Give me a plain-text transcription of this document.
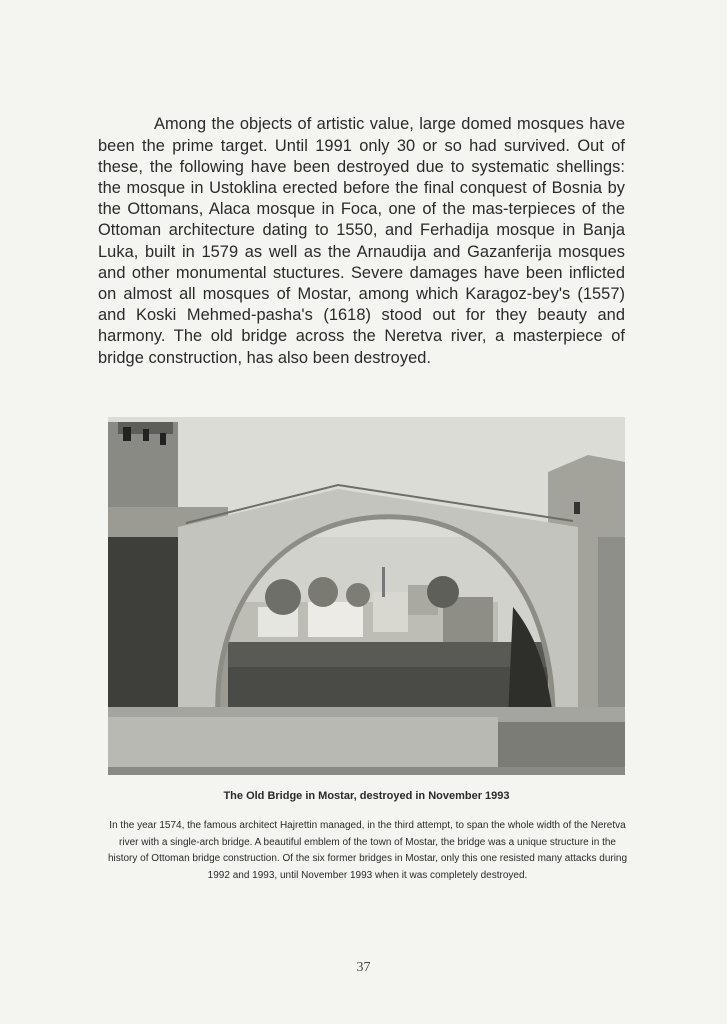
Among the objects of artistic value, large domed mosques have been the prime target. Until 1991 only 30 or so had survived. Out of these, the following have been destroyed due to systematic shellings: the mosque in Ustoklina erected before the final conquest of Bosnia by the Ottomans, Alaca mosque in Foca, one of the mas-terpieces of the Ottoman architecture dating to 1550, and Ferhadija mosque in Banja Luka, built in 1579 as well as the Arnaudija and Gazanferija mosques and other monumental stuctures. Severe damages have been inflicted on almost all mosques of Mostar, among which Karagoz-bey's (1557) and Koski Mehmed-pasha's (1618) stood out for they beauty and harmony. The old bridge across the Neretva river, a masterpiece of bridge construction, has also been destroyed.

The Old Bridge in Mostar, destroyed in November 1993
In the year 1574, the famous architect Hajrettin managed, in the third attempt, to span the whole width of the Neretva river with a single-arch bridge. A beautiful emblem of the town of Mostar, the bridge was a unique structure in the history of Ottoman bridge construction. Of the six former bridges in Mostar, only this one resisted many attacks during 1992 and 1993, until November 1993 when it was completely destroyed.
37
